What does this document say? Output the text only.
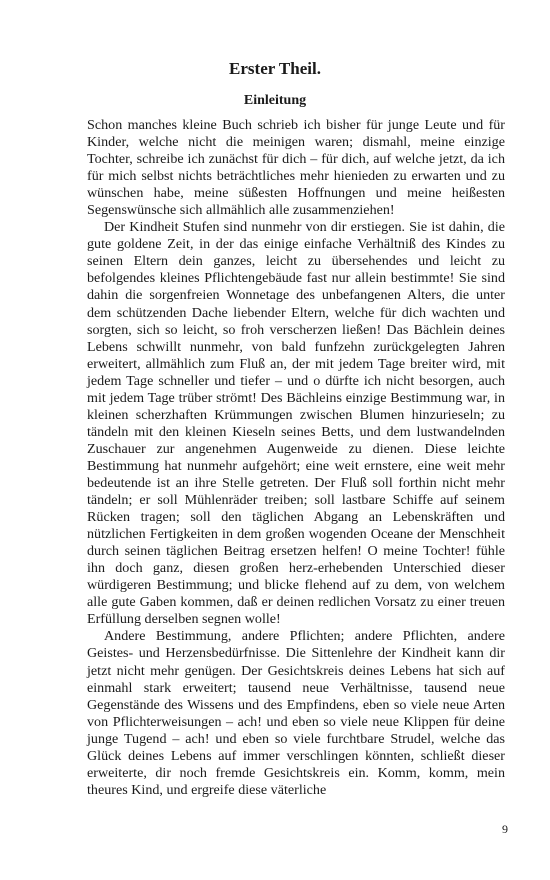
Erster Theil.
Einleitung

Schon manches kleine Buch schrieb ich bisher für junge Leute und für Kinder, welche nicht die meinigen waren; dismahl, meine einzige Tochter, schreibe ich zunächst für dich – für dich, auf welche jetzt, da ich für mich selbst nichts beträchtliches mehr hienieden zu erwarten und zu wünschen habe, meine süßesten Hoffnungen und meine heißesten Segenswünsche sich allmählich alle zusammenziehen!

Der Kindheit Stufen sind nunmehr von dir erstiegen. Sie ist dahin, die gute goldene Zeit, in der das einige einfache Verhältniß des Kindes zu seinen Eltern dein ganzes, leicht zu übersehendes und leicht zu befolgendes kleines Pflichtengebäude fast nur allein bestimmte! Sie sind dahin die sorgenfreien Wonnetage des unbefangenen Alters, die unter dem schützenden Dache liebender Eltern, welche für dich wachten und sorgten, sich so leicht, so froh verscherzen ließen! Das Bächlein deines Lebens schwillt nunmehr, von bald funfzehn zurückgelegten Jahren erweitert, allmählich zum Fluß an, der mit jedem Tage breiter wird, mit jedem Tage schneller und tiefer – und o dürfte ich nicht besorgen, auch mit jedem Tage trüber strömt! Des Bächleins einzige Bestimmung war, in kleinen scherzhaften Krümmungen zwischen Blumen hinzurieseln; zu tändeln mit den kleinen Kieseln seines Betts, und dem lustwandelnden Zuschauer zur angenehmen Augenweide zu dienen. Diese leichte Bestimmung hat nunmehr aufgehört; eine weit ernstere, eine weit mehr bedeutende ist an ihre Stelle getreten. Der Fluß soll forthin nicht mehr tändeln; er soll Mühlenräder treiben; soll lastbare Schiffe auf seinem Rücken tragen; soll den täglichen Abgang an Lebenskräften und nützlichen Fertigkeiten in dem großen wogenden Oceane der Menschheit durch seinen täglichen Beitrag ersetzen helfen! O meine Tochter! fühle ihn doch ganz, diesen großen herz-erhebenden Unterschied dieser würdigeren Bestimmung; und blicke flehend auf zu dem, von welchem alle gute Gaben kommen, daß er deinen redlichen Vorsatz zu einer treuen Erfüllung derselben segnen wolle!

Andere Bestimmung, andere Pflichten; andere Pflichten, andere Geistes- und Herzensbedürfnisse. Die Sittenlehre der Kindheit kann dir jetzt nicht mehr genügen. Der Gesichtskreis deines Lebens hat sich auf einmahl stark erweitert; tausend neue Verhältnisse, tausend neue Gegenstände des Wissens und des Empfindens, eben so viele neue Arten von Pflichterweisungen – ach! und eben so viele neue Klippen für deine junge Tugend – ach! und eben so viele furchtbare Strudel, welche das Glück deines Lebens auf immer verschlingen könnten, schließt dieser erweiterte, dir noch fremde Gesichtskreis ein. Komm, komm, mein theures Kind, und ergreife diese väterliche

9
